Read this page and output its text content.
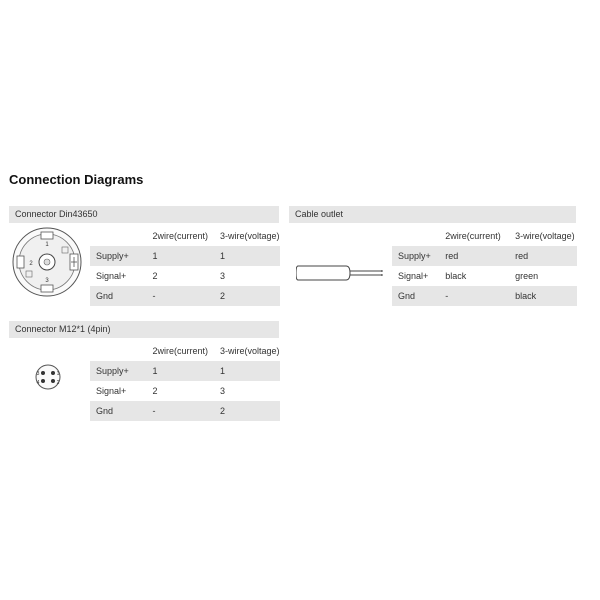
Connection Diagrams
Connector Din43650
1
2
3
	2wire(current)	3-wire(voltage)
Supply+	1	1
Signal+	2	3
Gnd	-	2
Connector M12*1 (4pin)
3	1
4	2
	2wire(current)	3-wire(voltage)
Supply+	1	1
Signal+	2	3
Gnd	-	2
Cable outlet
	2wire(current)	3-wire(voltage)
Supply+	red	red
Signal+	black	green
Gnd	-	black
